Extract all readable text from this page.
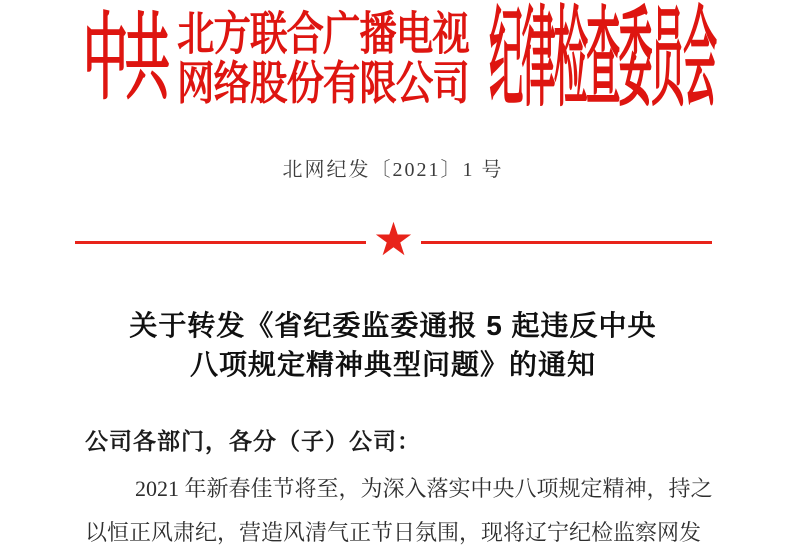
中共 北方联合广播电视
网络股份有限公司 纪律检查委员会
北网纪发〔2021〕1 号
★
关于转发《省纪委监委通报 5 起违反中央
八项规定精神典型问题》的通知
公司各部门，各分（子）公司：
2021 年新春佳节将至，为深入落实中央八项规定精神，持之
以恒正风肃纪，营造风清气正节日氛围，现将辽宁纪检监察网发
